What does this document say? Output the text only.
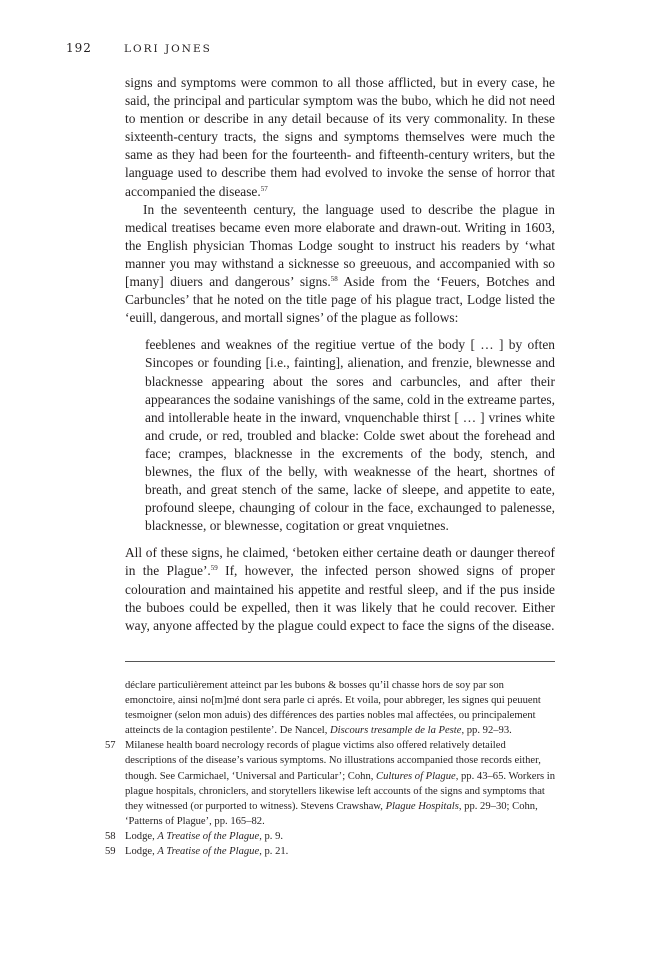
192	LORI JONES

signs and symptoms were common to all those afflicted, but in every case, he said, the principal and particular symptom was the bubo, which he did not need to mention or describe in any detail because of its very commonality. In these sixteenth-century tracts, the signs and symptoms themselves were much the same as they had been for the fourteenth- and fifteenth-century writers, but the language used to describe them had evolved to invoke the sense of horror that accompanied the disease.$^{57}$

In the seventeenth century, the language used to describe the plague in medical treatises became even more elaborate and drawn-out. Writing in 1603, the English physician Thomas Lodge sought to instruct his readers by ‘what manner you may withstand a sicknesse so greeuous, and accompanied with so [many] diuers and dangerous’ signs.$^{58}$ Aside from the ‘Feuers, Botches and Carbuncles’ that he noted on the title page of his plague tract, Lodge listed the ‘euill, dangerous, and mortall signes’ of the plague as follows:

feeblenes and weaknes of the regitiue vertue of the body [ … ] by often Sincopes or founding [i.e., fainting], alienation, and frenzie, blewnesse and blacknesse appearing about the sores and carbuncles, and after their appearances the sodaine vanishings of the same, cold in the extreame partes, and intollerable heate in the inward, vnquenchable thirst [ … ] vrines white and crude, or red, troubled and blacke: Colde swet about the forehead and face; crampes, blacknesse in the excrements of the body, stench, and blewnes, the flux of the belly, with weaknesse of the heart, shortnes of breath, and great stench of the same, lacke of sleepe, and appetite to eate, profound sleepe, chaunging of colour in the face, exchaunged to palenesse, blacknesse, or blewnesse, cogitation or great vnquietnes.

All of these signs, he claimed, ‘betoken either certaine death or daunger thereof in the Plague’.$^{59}$ If, however, the infected person showed signs of proper colouration and maintained his appetite and restful sleep, and if the pus inside the buboes could be expelled, then it was likely that he could recover. Either way, anyone affected by the plague could expect to face the signs of the disease.

déclare particulièrement atteinct par les bubons & bosses qu’il chasse hors de soy par son emonctoire, ainsi no[m]mé dont sera parle ci aprés. Et voila, pour abbreger, les signes qui peuuent tesmoigner (selon mon aduis) des différences des parties nobles mal affectées, ou principalement atteincts de la contagion pestilente’. De Nancel, Discours tresample de la Peste, pp. 92–93.

57 Milanese health board necrology records of plague victims also offered relatively detailed descriptions of the disease’s various symptoms. No illustrations accompanied those records either, though. See Carmichael, ‘Universal and Particular’; Cohn, Cultures of Plague, pp. 43–65. Workers in plague hospitals, chroniclers, and storytellers likewise left accounts of the signs and symptoms that they witnessed (or purported to witness). Stevens Crawshaw, Plague Hospitals, pp. 29–30; Cohn, ‘Patterns of Plague’, pp. 165–82.

58 Lodge, A Treatise of the Plague, p. 9.

59 Lodge, A Treatise of the Plague, p. 21.
